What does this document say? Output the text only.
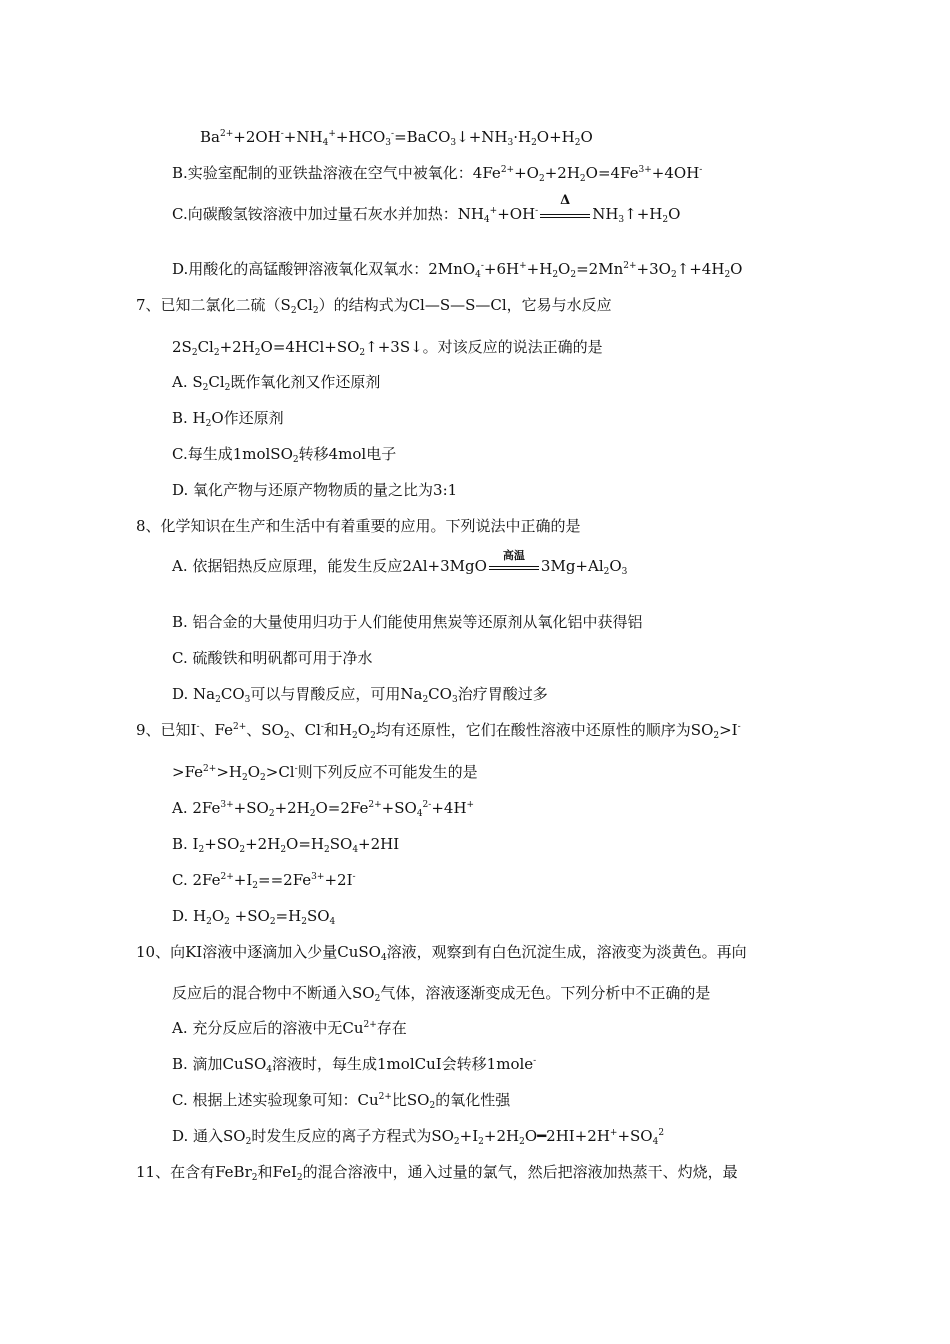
$Ba^{2+}+2OH^-+NH_4^++HCO_3^-=BaCO_3↓+NH_3\cdot H_2O+H_2O$
B.实验室配制的亚铁盐溶液在空气中被氧化：$4Fe^{2+}+O_2+2H_2O=4Fe^{3+}+4OH^-$
C.向碳酸氢铵溶液中加过量石灰水并加热：$NH_4^++OH^-$
Δ
$NH_3↑+H_2O$
D.用酸化的高锰酸钾溶液氧化双氧水：$2MnO_4^-+6H^++H_2O_2=2Mn^{2+}+3O_2↑+4H_2O$
7、已知二氯化二硫$(S_2Cl_2)$的结构式为Cl—S—S—Cl，它易与水反应
$2S_2Cl_2+2H_2O=4HCl+SO_2↑+3S↓$。对该反应的说法正确的是
A. $S_2Cl_2$既作氧化剂又作还原剂
B. $H_2O$作还原剂
C.每生成1molSO$_2$转移4mol电子
D. 氧化产物与还原产物物质的量之比为3:1
8、化学知识在生产和生活中有着重要的应用。下列说法中正确的是
A. 依据铝热反应原理，能发生反应2Al+3MgO
高温
$3Mg+Al_2O_3$
B. 铝合金的大量使用归功于人们能使用焦炭等还原剂从氧化铝中获得铝
C. 硫酸铁和明矾都可用于净水
D. $Na_2CO_3$可以与胃酸反应，可用$Na_2CO_3$治疗胃酸过多
9、已知I-、$Fe^{2+}$、$SO_2$、Cl-和$H_2O_2$均有还原性，它们在酸性溶液中还原性的顺序为$SO_2>I^-$
$>Fe^{2+}>H_2O_2>Cl^-$则下列反应不可能发生的是
A. $2Fe^{3+}+SO_2+2H_2O=2Fe^{2+}+SO_4^{2-}+4H^+$
B. $I_2+SO_2+2H_2O=H_2SO_4+2HI$
C. $2Fe^{2+}+I_2==2Fe^{3+}+2I^-$
D. $H_2O_2 +SO_2=H_2SO_4$
10、向KI溶液中逐滴加入少量CuSO$_4$溶液，观察到有白色沉淀生成，溶液变为淡黄色。再向
反应后的混合物中不断通入$SO_2$气体，溶液逐渐变成无色。下列分析中不正确的是
A. 充分反应后的溶液中无$Cu^{2+}$存在
B. 滴加CuSO$_4$溶液时，每生成1molCuI会转移1mole-
C. 根据上述实验现象可知：$Cu^{2+}$比$SO_2$的氧化性强
D. 通入$SO_2$时发生反应的离子方程式为$SO_2+I_2+2H_2O━2HI+2H^++SO_4^2$
11、在含有FeBr$_2$和FeI$_2$的混合溶液中，通入过量的氯气，然后把溶液加热蒸干、灼烧，最
